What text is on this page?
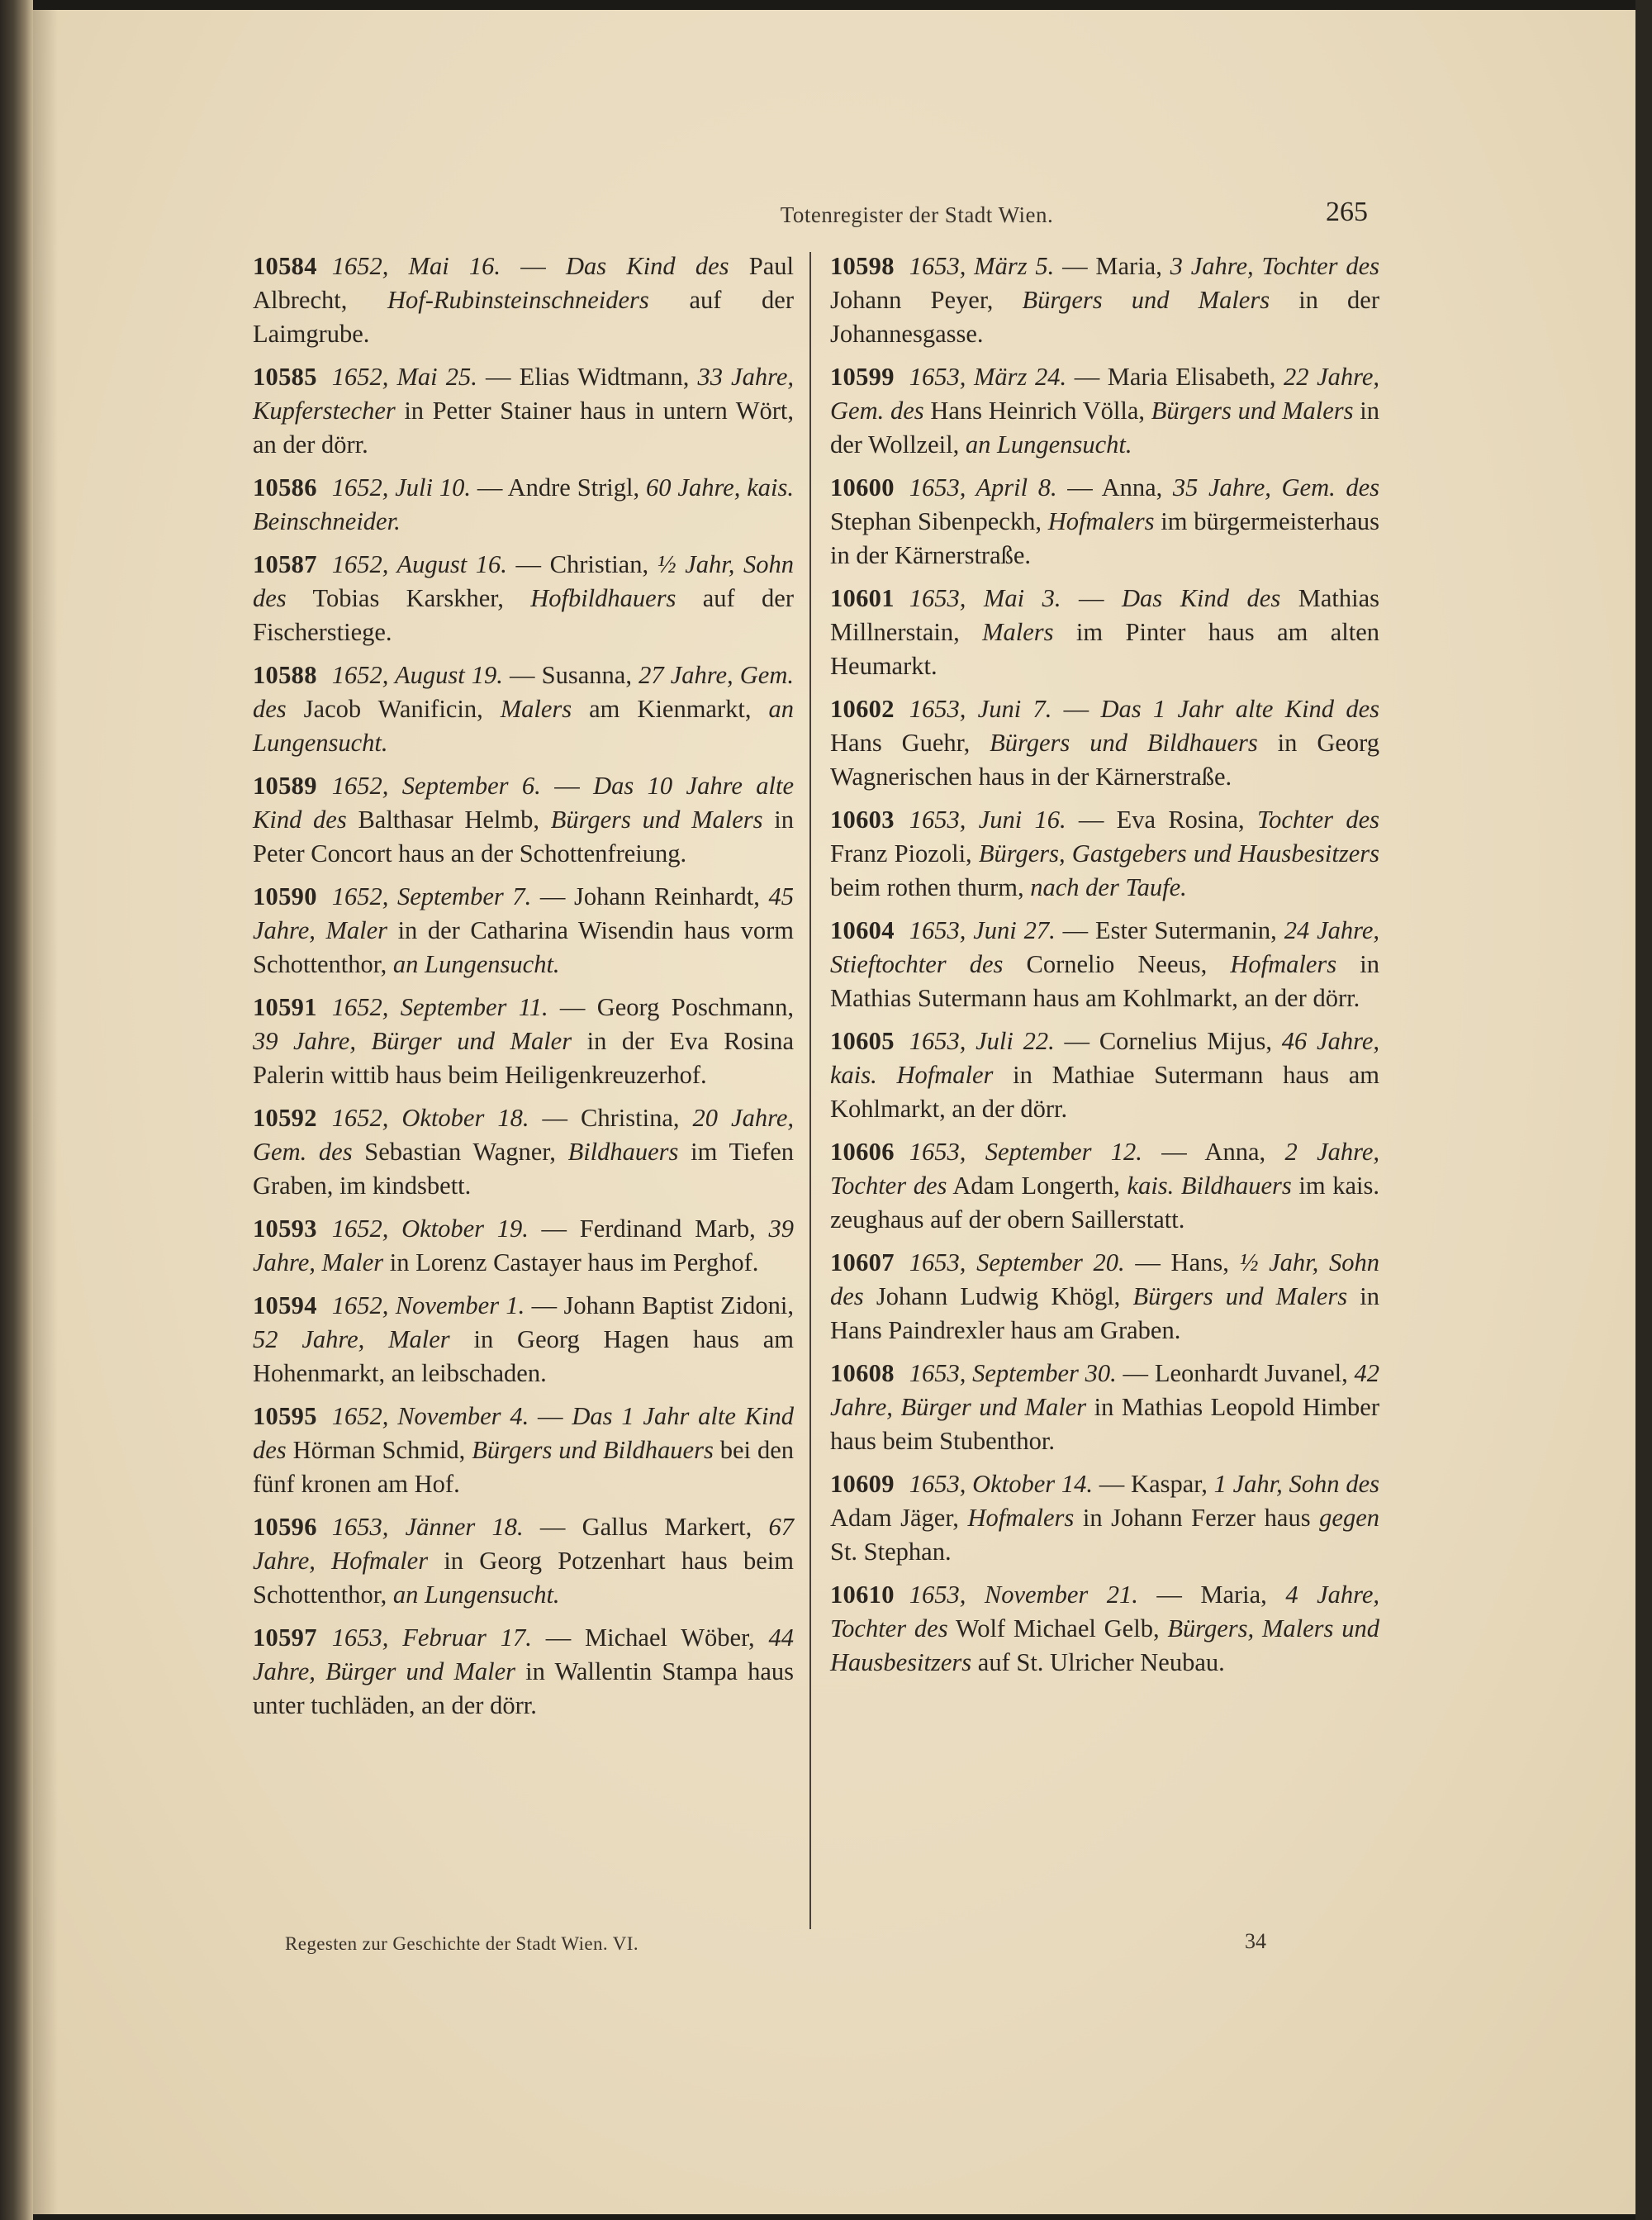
Totenregister der Stadt Wien.	265

10584 1652, Mai 16. — Das Kind des Paul Albrecht, Hof-Rubinsteinschneiders auf der Laimgrube.

10585 1652, Mai 25. — Elias Widtmann, 33 Jahre, Kupferstecher in Petter Stainer haus in untern Wört, an der dörr.

10586 1652, Juli 10. — Andre Strigl, 60 Jahre, kais. Beinschneider.

10587 1652, August 16. — Christian, ½ Jahr, Sohn des Tobias Karskher, Hofbildhauers auf der Fischerstiege.

10588 1652, August 19. — Susanna, 27 Jahre, Gem. des Jacob Wanificin, Malers am Kienmarkt, an Lungensucht.

10589 1652, September 6. — Das 10 Jahre alte Kind des Balthasar Helmb, Bürgers und Malers in Peter Concort haus an der Schottenfreiung.

10590 1652, September 7. — Johann Reinhardt, 45 Jahre, Maler in der Catharina Wisendin haus vorm Schottenthor, an Lungensucht.

10591 1652, September 11. — Georg Poschmann, 39 Jahre, Bürger und Maler in der Eva Rosina Palerin wittib haus beim Heiligenkreuzerhof.

10592 1652, Oktober 18. — Christina, 20 Jahre, Gem. des Sebastian Wagner, Bildhauers im Tiefen Graben, im kindsbett.

10593 1652, Oktober 19. — Ferdinand Marb, 39 Jahre, Maler in Lorenz Castayer haus im Perghof.

10594 1652, November 1. — Johann Baptist Zidoni, 52 Jahre, Maler in Georg Hagen haus am Hohenmarkt, an leibschaden.

10595 1652, November 4. — Das 1 Jahr alte Kind des Hörman Schmid, Bürgers und Bildhauers bei den fünf kronen am Hof.

10596 1653, Jänner 18. — Gallus Markert, 67 Jahre, Hofmaler in Georg Potzenhart haus beim Schottenthor, an Lungensucht.

10597 1653, Februar 17. — Michael Wöber, 44 Jahre, Bürger und Maler in Wallentin Stampa haus unter tuchläden, an der dörr.

10598 1653, März 5. — Maria, 3 Jahre, Tochter des Johann Peyer, Bürgers und Malers in der Johannesgasse.

10599 1653, März 24. — Maria Elisabeth, 22 Jahre, Gem. des Hans Heinrich Völla, Bürgers und Malers in der Wollzeil, an Lungensucht.

10600 1653, April 8. — Anna, 35 Jahre, Gem. des Stephan Sibenpeckh, Hofmalers im bürgermeisterhaus in der Kärnerstraße.

10601 1653, Mai 3. — Das Kind des Mathias Millnerstain, Malers im Pinter haus am alten Heumarkt.

10602 1653, Juni 7. — Das 1 Jahr alte Kind des Hans Guehr, Bürgers und Bildhauers in Georg Wagnerischen haus in der Kärnerstraße.

10603 1653, Juni 16. — Eva Rosina, Tochter des Franz Piozoli, Bürgers, Gastgebers und Hausbesitzers beim rothen thurm, nach der Taufe.

10604 1653, Juni 27. — Ester Sutermanin, 24 Jahre, Stieftochter des Cornelio Neeus, Hofmalers in Mathias Sutermann haus am Kohlmarkt, an der dörr.

10605 1653, Juli 22. — Cornelius Mijus, 46 Jahre, kais. Hofmaler in Mathiae Sutermann haus am Kohlmarkt, an der dörr.

10606 1653, September 12. — Anna, 2 Jahre, Tochter des Adam Longerth, kais. Bildhauers im kais. zeughaus auf der obern Saillerstatt.

10607 1653, September 20. — Hans, ½ Jahr, Sohn des Johann Ludwig Khögl, Bürgers und Malers in Hans Paindrexler haus am Graben.

10608 1653, September 30. — Leonhardt Juvanel, 42 Jahre, Bürger und Maler in Mathias Leopold Himber haus beim Stubenthor.

10609 1653, Oktober 14. — Kaspar, 1 Jahr, Sohn des Adam Jäger, Hofmalers in Johann Ferzer haus gegen St. Stephan.

10610 1653, November 21. — Maria, 4 Jahre, Tochter des Wolf Michael Gelb, Bürgers, Malers und Hausbesitzers auf St. Ulricher Neubau.

Regesten zur Geschichte der Stadt Wien. VI.	34
